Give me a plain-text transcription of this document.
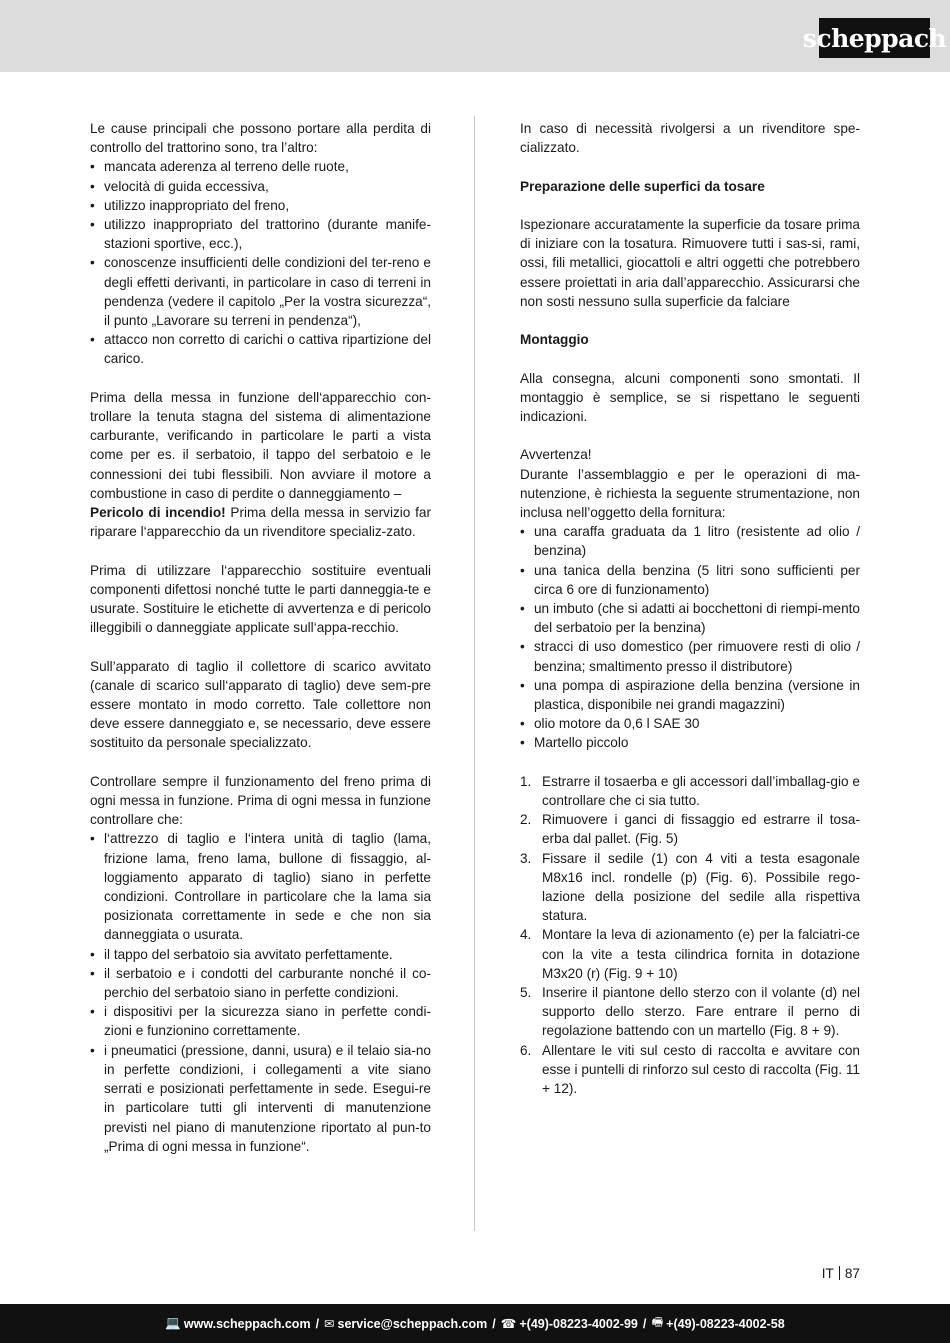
scheppach

Le cause principali che possono portare alla perdita di controllo del trattorino sono, tra l’altro:

• mancata aderenza al terreno delle ruote,
• velocità di guida eccessiva,
• utilizzo inappropriato del freno,
• utilizzo inappropriato del trattorino (durante manife-stazioni sportive, ecc.),
• conoscenze insufficienti delle condizioni del ter-reno e degli effetti derivanti, in particolare in caso di terreni in pendenza (vedere il capitolo „Per la vostra sicurezza“, il punto „Lavorare su terreni in pendenza“),
• attacco non corretto di carichi o cattiva ripartizione del carico.

Prima della messa in funzione dell‘apparecchio con-trollare la tenuta stagna del sistema di alimentazione carburante, verificando in particolare le parti a vista come per es. il serbatoio, il tappo del serbatoio e le connessioni dei tubi flessibili. Non avviare il motore a combustione in caso di perdite o danneggiamento –
Pericolo di incendio! Prima della messa in servizio far riparare l‘apparecchio da un rivenditore specializ-zato.

Prima di utilizzare l‘apparecchio sostituire eventuali componenti difettosi nonché tutte le parti danneggia-te e usurate. Sostituire le etichette di avvertenza e di pericolo illeggibili o danneggiate applicate sull‘appa-recchio.

Sull’apparato di taglio il collettore di scarico avvitato (canale di scarico sull‘apparato di taglio) deve sem-pre essere montato in modo corretto. Tale collettore non deve essere danneggiato e, se necessario, deve essere sostituito da personale specializzato.

Controllare sempre il funzionamento del freno prima di ogni messa in funzione. Prima di ogni messa in funzione controllare che:

• l‘attrezzo di taglio e l‘intera unità di taglio (lama, frizione lama, freno lama, bullone di fissaggio, al-loggiamento apparato di taglio) siano in perfette condizioni. Controllare in particolare che la lama sia posizionata correttamente in sede e che non sia danneggiata o usurata.
• il tappo del serbatoio sia avvitato perfettamente.
• il serbatoio e i condotti del carburante nonché il co-perchio del serbatoio siano in perfette condizioni.
• i dispositivi per la sicurezza siano in perfette condi-zioni e funzionino correttamente.
• i pneumatici (pressione, danni, usura) e il telaio sia-no in perfette condizioni, i collegamenti a vite siano serrati e posizionati perfettamente in sede. Esegui-re in particolare tutti gli interventi di manutenzione previsti nel piano di manutenzione riportato al pun-to „Prima di ogni messa in funzione“.

In caso di necessità rivolgersi a un rivenditore spe-cializzato.

Preparazione delle superfici da tosare

Ispezionare accuratamente la superficie da tosare prima di iniziare con la tosatura. Rimuovere tutti i sas-si, rami, ossi, fili metallici, giocattoli e altri oggetti che potrebbero essere proiettati in aria dall’apparecchio. Assicurarsi che non sosti nessuno sulla superficie da falciare

Montaggio

Alla consegna, alcuni componenti sono smontati. Il montaggio è semplice, se si rispettano le seguenti indicazioni.

Avvertenza!

Durante l’assemblaggio e per le operazioni di ma-nutenzione, è richiesta la seguente strumentazione, non inclusa nell’oggetto della fornitura:

• una caraffa graduata da 1 litro (resistente ad olio / benzina)
• una tanica della benzina (5 litri sono sufficienti per circa 6 ore di funzionamento)
• un imbuto (che si adatti ai bocchettoni di riempi-mento del serbatoio per la benzina)
• stracci di uso domestico (per rimuovere resti di olio / benzina; smaltimento presso il distributore)
• una pompa di aspirazione della benzina (versione in plastica, disponibile nei grandi magazzini)
• olio motore da 0,6 l SAE 30
• Martello piccolo
1. Estrarre il tosaerba e gli accessori dall’imballag-gio e controllare che ci sia tutto.
2. Rimuovere i ganci di fissaggio ed estrarre il tosa-erba dal pallet. (Fig. 5)
3. Fissare il sedile (1) con 4 viti a testa esagonale M8x16 incl. rondelle (p) (Fig. 6). Possibile rego-lazione della posizione del sedile alla rispettiva statura.
4. Montare la leva di azionamento (e) per la falciatri-ce con la vite a testa cilindrica fornita in dotazione M3x20 (r) (Fig. 9 + 10)
5. Inserire il piantone dello sterzo con il volante (d) nel supporto dello sterzo. Fare entrare il perno di regolazione battendo con un martello (Fig. 8 + 9).
6. Allentare le viti sul cesto di raccolta e avvitare con esse i puntelli di rinforzo sul cesto di raccolta (Fig. 11 + 12).
IT 87
💻 www.scheppach.com / ✉ service@scheppach.com / ☎ +(49)-08223-4002-99 / 🖷 +(49)-08223-4002-58
